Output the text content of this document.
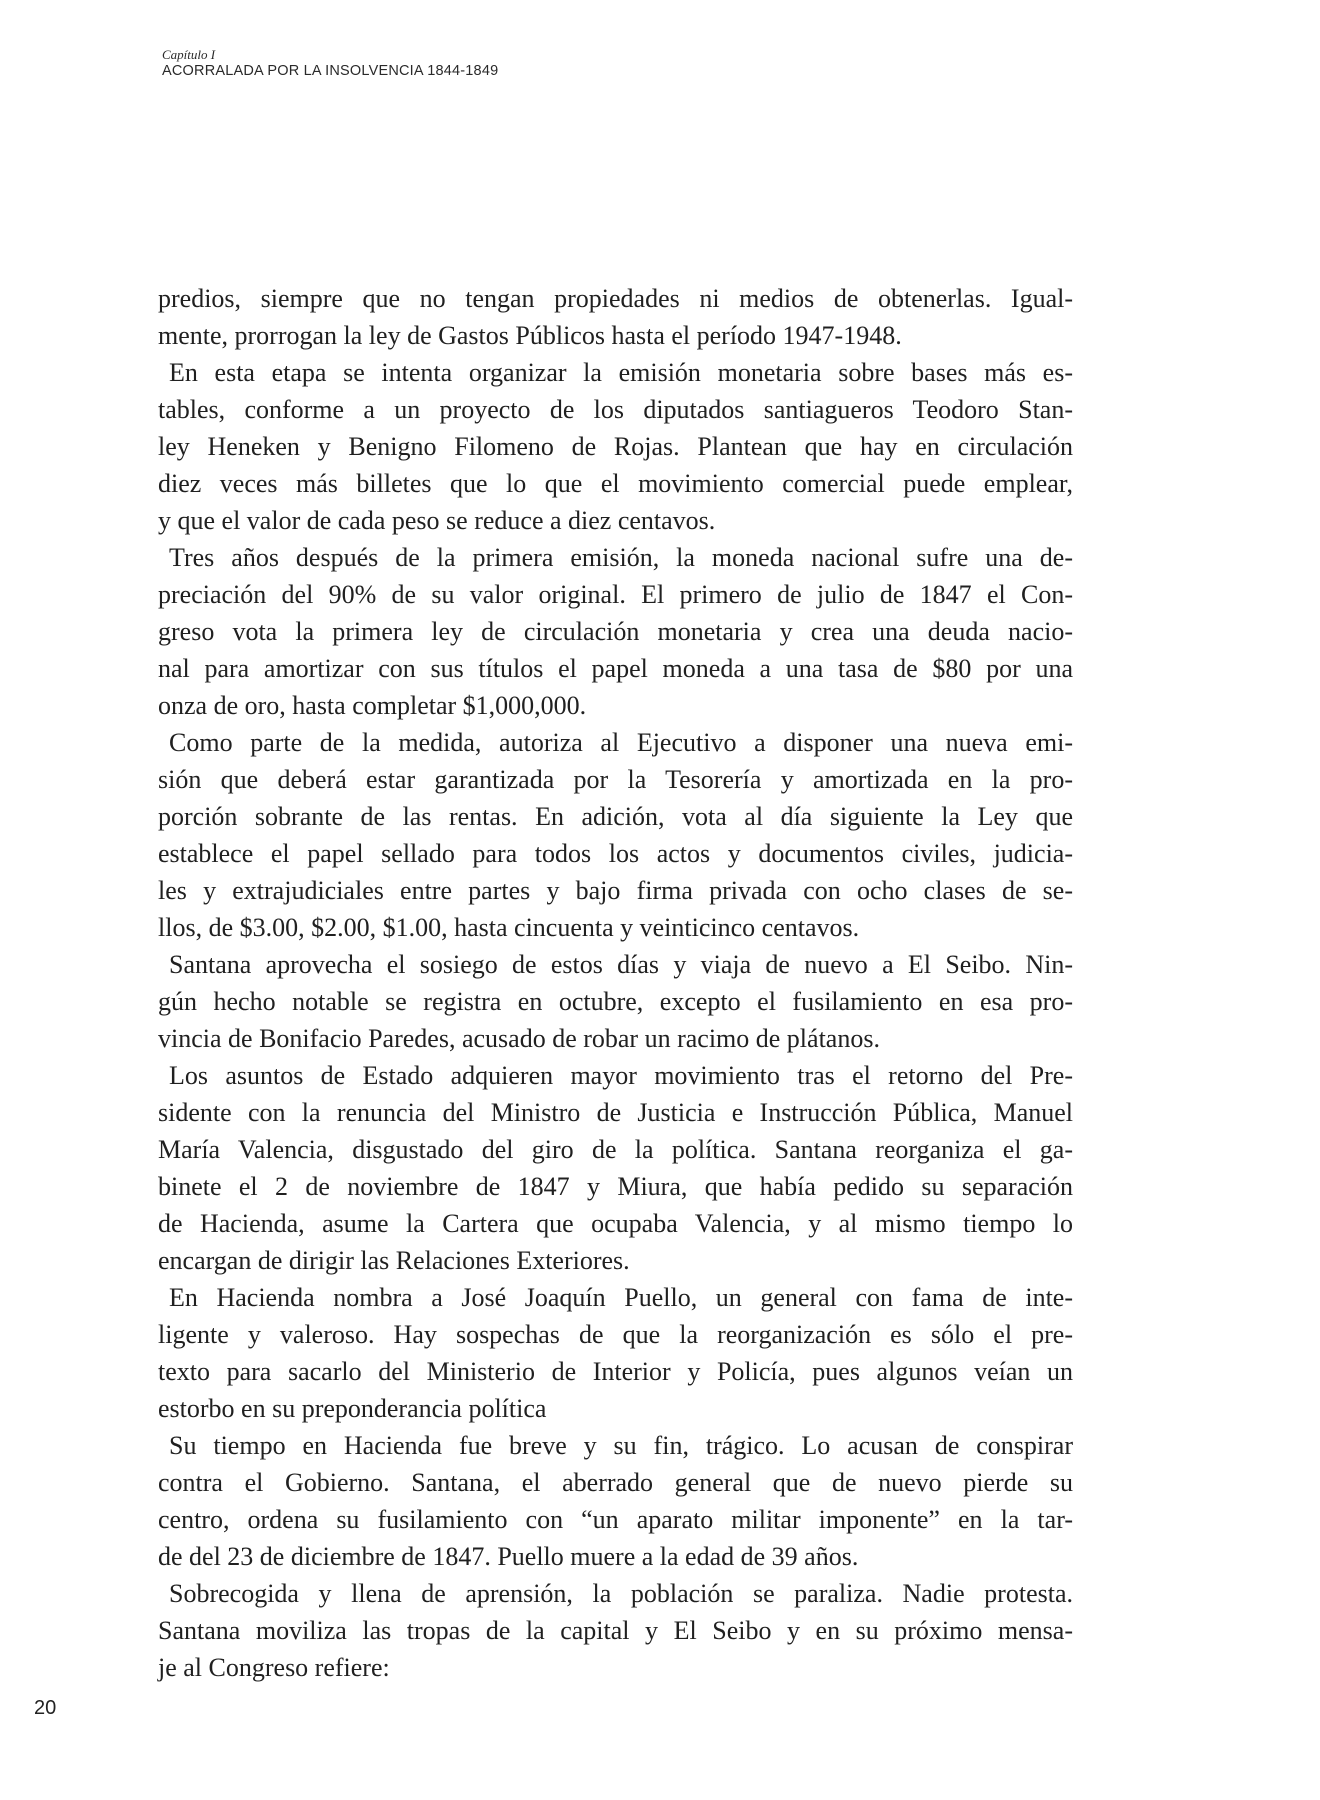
Capítulo I
ACORRALADA POR LA INSOLVENCIA 1844-1849
predios, siempre que no tengan propiedades ni medios de obtenerlas. Igual-
mente, prorrogan la ley de Gastos Públicos hasta el período 1947-1948.
En esta etapa se intenta organizar la emisión monetaria sobre bases más es-
tables, conforme a un proyecto de los diputados santiagueros Teodoro Stan-
ley Heneken y Benigno Filomeno de Rojas. Plantean que hay en circulación
diez veces más billetes que lo que el movimiento comercial puede emplear,
y que el valor de cada peso se reduce a diez centavos.
Tres años después de la primera emisión, la moneda nacional sufre una de-
preciación del 90% de su valor original. El primero de julio de 1847 el Con-
greso vota la primera ley de circulación monetaria y crea una deuda nacio-
nal para amortizar con sus títulos el papel moneda a una tasa de $80 por una
onza de oro, hasta completar $1,000,000.
Como parte de la medida, autoriza al Ejecutivo a disponer una nueva emi-
sión que deberá estar garantizada por la Tesorería y amortizada en la pro-
porción sobrante de las rentas. En adición, vota al día siguiente la Ley que
establece el papel sellado para todos los actos y documentos civiles, judicia-
les y extrajudiciales entre partes y bajo firma privada con ocho clases de se-
llos, de $3.00, $2.00, $1.00, hasta cincuenta y veinticinco centavos.
Santana aprovecha el sosiego de estos días y viaja de nuevo a El Seibo. Nin-
gún hecho notable se registra en octubre, excepto el fusilamiento en esa pro-
vincia de Bonifacio Paredes, acusado de robar un racimo de plátanos.
Los asuntos de Estado adquieren mayor movimiento tras el retorno del Pre-
sidente con la renuncia del Ministro de Justicia e Instrucción Pública, Manuel
María Valencia, disgustado del giro de la política. Santana reorganiza el ga-
binete el 2 de noviembre de 1847 y Miura, que había pedido su separación
de Hacienda, asume la Cartera que ocupaba Valencia, y al mismo tiempo lo
encargan de dirigir las Relaciones Exteriores.
En Hacienda nombra a José Joaquín Puello, un general con fama de inte-
ligente y valeroso. Hay sospechas de que la reorganización es sólo el pre-
texto para sacarlo del Ministerio de Interior y Policía, pues algunos veían un
estorbo en su preponderancia política
Su tiempo en Hacienda fue breve y su fin, trágico. Lo acusan de conspirar
contra el Gobierno. Santana, el aberrado general que de nuevo pierde su
centro, ordena su fusilamiento con “un aparato militar imponente” en la tar-
de del 23 de diciembre de 1847. Puello muere a la edad de 39 años.
Sobrecogida y llena de aprensión, la población se paraliza. Nadie protesta.
Santana moviliza las tropas de la capital y El Seibo y en su próximo mensa-
je al Congreso refiere:
20
